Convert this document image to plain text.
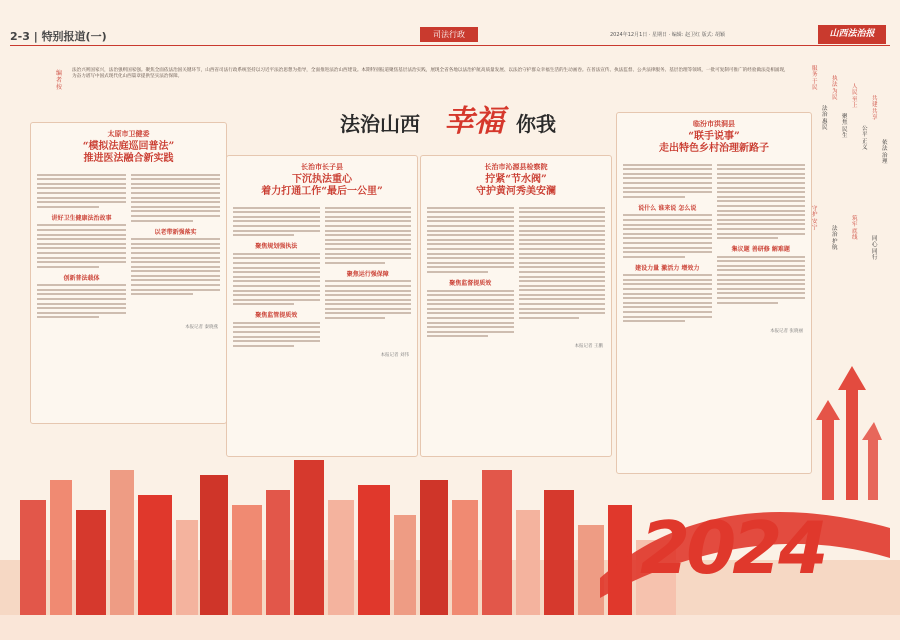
2-3 | 特别报道(一)	司法行政	2024年12月1日 · 星期日 · 编辑: 赵卫红 版式: 胡颖	山西法治报
编者按
法治兴则国家兴，法治强则国家强。聚焦全面依法治国关键环节，山西省司法行政系统坚持以习近平法治思想为指导，全面推进法治山西建设。本期特别报道聚焦基层法治实践，展现全省各地以法治护航高质量发展、以法治守护群众幸福生活的生动画卷。在普法宣传、执法监督、公共法律服务、基层治理等领域，一批可复制可推广的经验做法竞相涌现，为奋力谱写中国式现代化山西篇章提供坚实法治保障。
法治山西 幸福 你我
太原市卫健委
“模拟法庭巡回普法”
推进医法融合新实践
讲好卫生健康法治故事
创新普法载体
以老带新强落实
本报记者 秦晓燕
长治市长子县
下沉执法重心
着力打通工作“最后一公里”
聚焦规划强执法
聚焦监管提质效
聚焦运行强保障
本报记者 刘伟
长治市沁源县检察院
拧紧“节水阀”
守护黄河秀美安澜
聚焦监督提质效
本报记者 王鹏
临汾市洪洞县
“联手说事”
走出特色乡村治理新路子
说什么 谁来说 怎么说
建设力量 激活力 增效力
集议题 善研修 解难题
本报记者 张晓丽
服务于民
法治惠民
执法为民
聚焦民生
人民至上
公平正义
共建共享
依法治理
守护安宁	法治护航
筑牢底线	同心同行
2024
